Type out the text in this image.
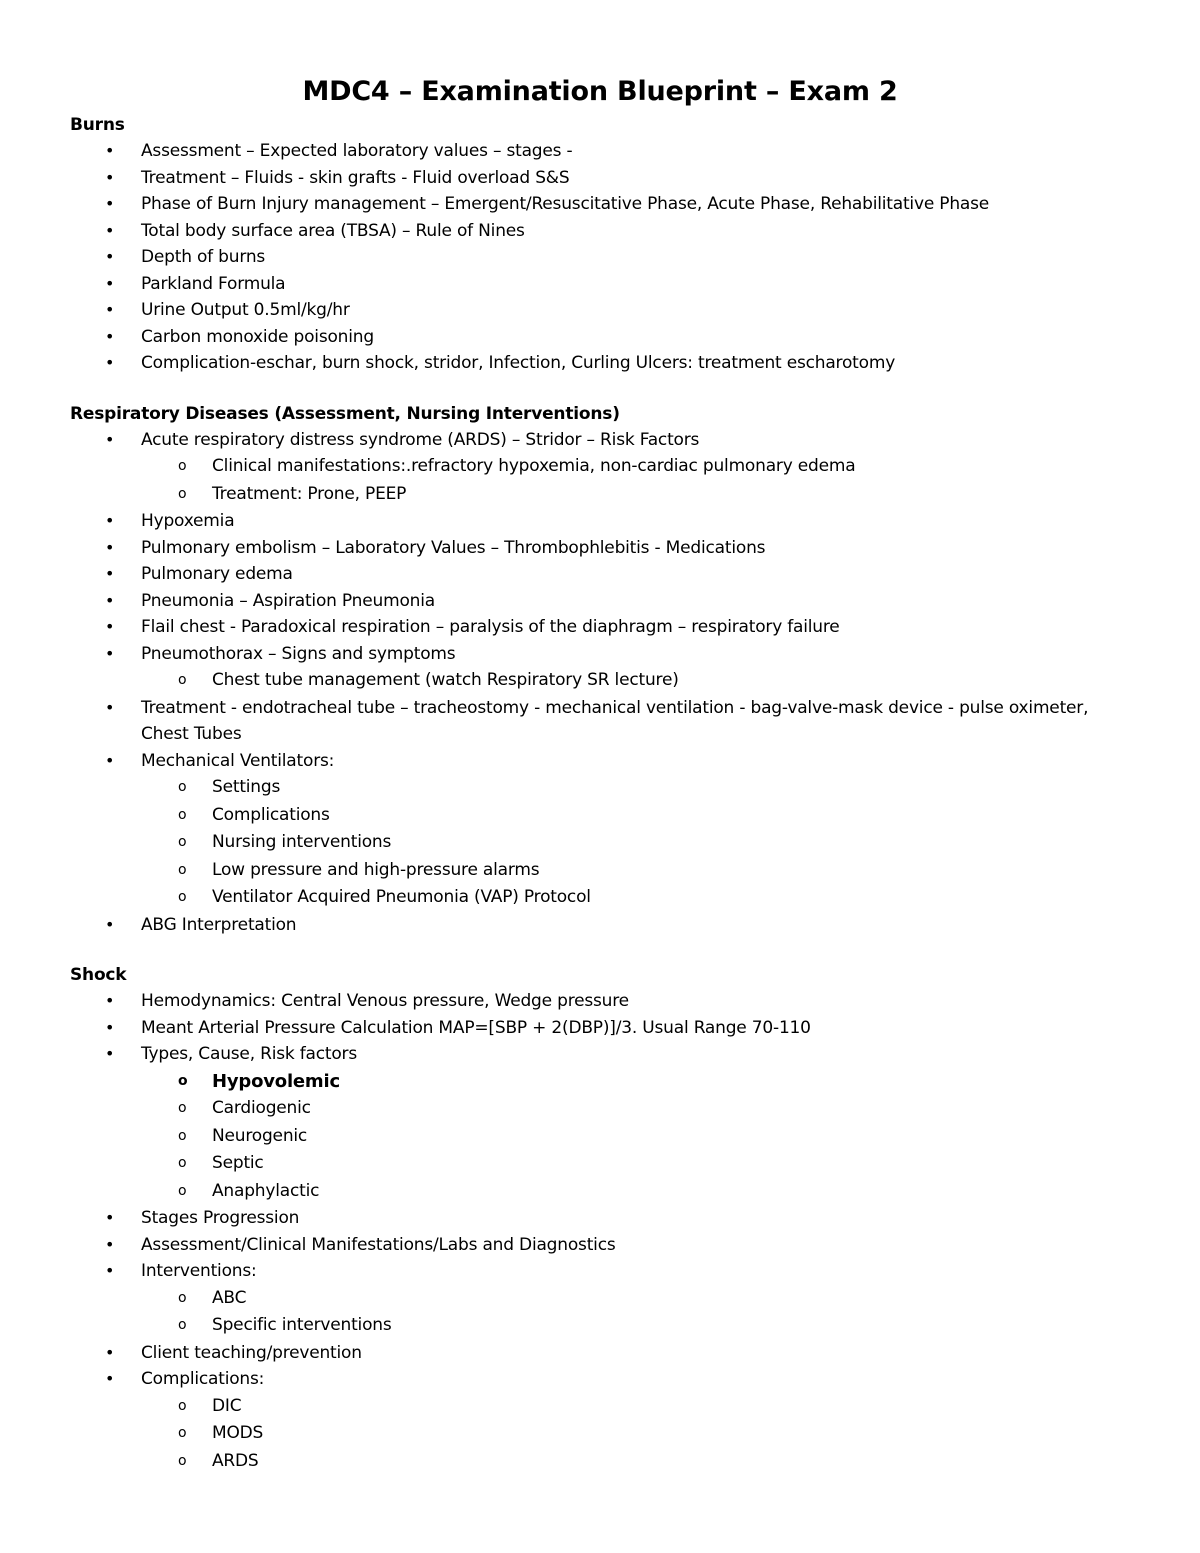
MDC4 – Examination Blueprint – Exam 2
Burns
• Assessment – Expected laboratory values – stages -
• Treatment – Fluids - skin grafts - Fluid overload S&S
• Phase of Burn Injury management – Emergent/Resuscitative Phase, Acute Phase, Rehabilitative Phase
• Total body surface area (TBSA) – Rule of Nines
• Depth of burns
• Parkland Formula
• Urine Output 0.5ml/kg/hr
• Carbon monoxide poisoning
• Complication-eschar, burn shock, stridor, Infection, Curling Ulcers: treatment escharotomy
Respiratory Diseases (Assessment, Nursing Interventions)
• Acute respiratory distress syndrome (ARDS) – Stridor – Risk Factors
o Clinical manifestations:.refractory hypoxemia, non-cardiac pulmonary edema
o Treatment: Prone, PEEP
• Hypoxemia
• Pulmonary embolism – Laboratory Values – Thrombophlebitis - Medications
• Pulmonary edema
• Pneumonia – Aspiration Pneumonia
• Flail chest - Paradoxical respiration – paralysis of the diaphragm – respiratory failure
• Pneumothorax – Signs and symptoms
o Chest tube management (watch Respiratory SR lecture)
• Treatment - endotracheal tube – tracheostomy - mechanical ventilation - bag-valve-mask device - pulse oximeter, Chest Tubes
• Mechanical Ventilators:
o Settings
o Complications
o Nursing interventions
o Low pressure and high-pressure alarms
o Ventilator Acquired Pneumonia (VAP) Protocol
• ABG Interpretation
Shock
• Hemodynamics: Central Venous pressure, Wedge pressure
• Meant Arterial Pressure Calculation MAP=[SBP + 2(DBP)]/3. Usual Range 70-110
• Types, Cause, Risk factors
o Hypovolemic
o Cardiogenic
o Neurogenic
o Septic
o Anaphylactic
• Stages Progression
• Assessment/Clinical Manifestations/Labs and Diagnostics
• Interventions:
o ABC
o Specific interventions
• Client teaching/prevention
• Complications:
o DIC
o MODS
o ARDS
